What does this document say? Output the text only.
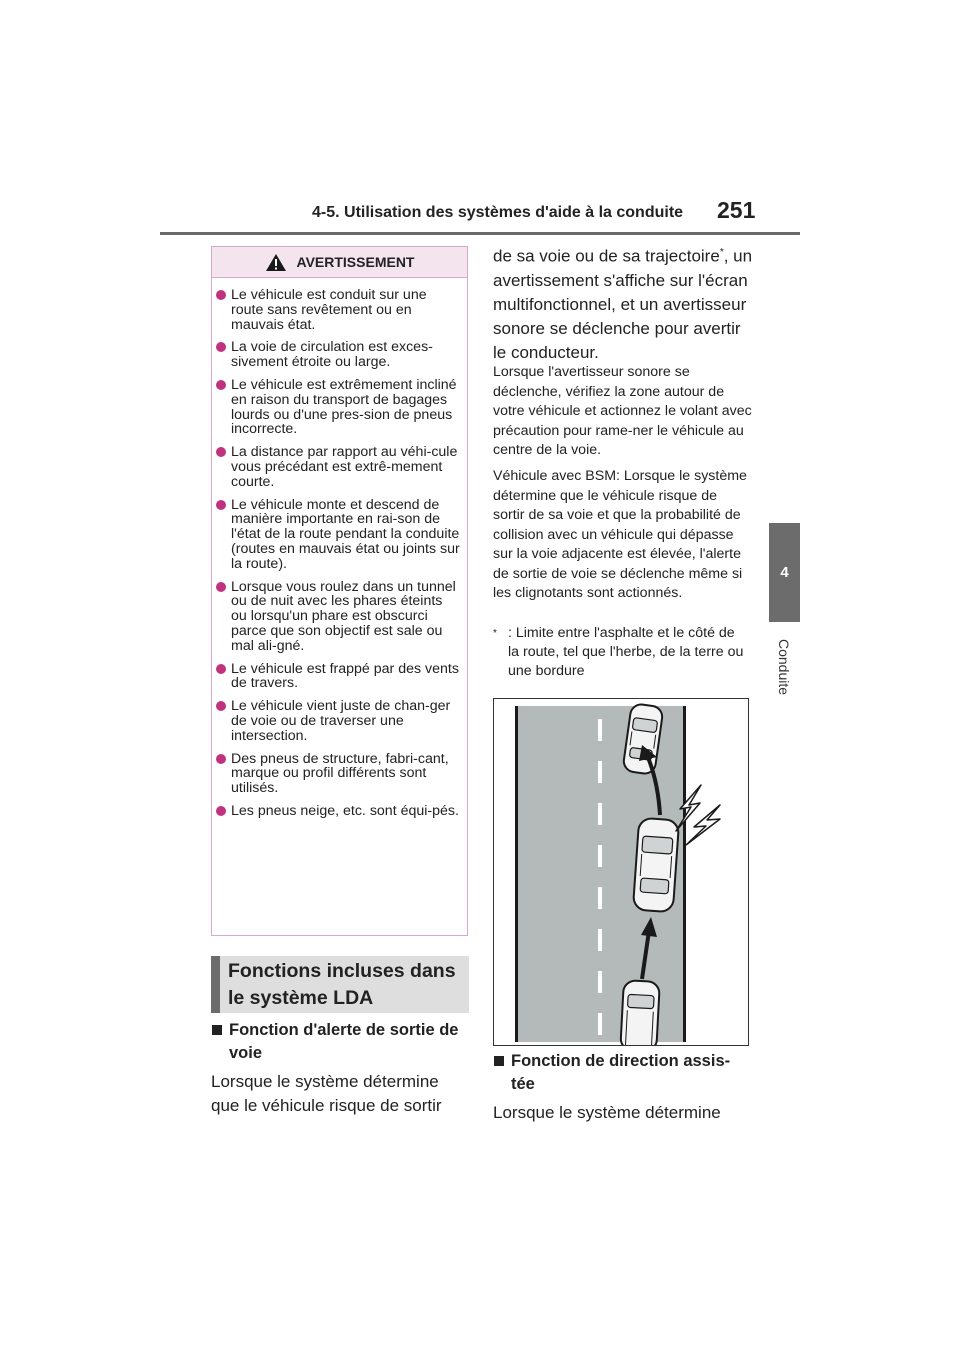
4-5. Utilisation des systèmes d'aide à la conduite 251
4
Conduite
AVERTISSEMENT
Le véhicule est conduit sur une route sans revêtement ou en mauvais état.
La voie de circulation est exces-sivement étroite ou large.
Le véhicule est extrêmement incliné en raison du transport de bagages lourds ou d'une pres-sion de pneus incorrecte.
La distance par rapport au véhi-cule vous précédant est extrê-mement courte.
Le véhicule monte et descend de manière importante en rai-son de l'état de la route pendant la conduite (routes en mauvais état ou joints sur la route).
Lorsque vous roulez dans un tunnel ou de nuit avec les phares éteints ou lorsqu'un phare est obscurci parce que son objectif est sale ou mal ali-gné.
Le véhicule est frappé par des vents de travers.
Le véhicule vient juste de chan-ger de voie ou de traverser une intersection.
Des pneus de structure, fabri-cant, marque ou profil différents sont utilisés.
Les pneus neige, etc. sont équi-pés.
Fonctions incluses dans le système LDA
Fonction d'alerte de sortie de voie
Lorsque le système détermine que le véhicule risque de sortir
de sa voie ou de sa trajectoire*, un avertissement s'affiche sur l'écran multifonctionnel, et un avertisseur sonore se déclenche pour avertir le conducteur.
Lorsque l'avertisseur sonore se déclenche, vérifiez la zone autour de votre véhicule et actionnez le volant avec précaution pour rame-ner le véhicule au centre de la voie.
Véhicule avec BSM: Lorsque le système détermine que le véhicule risque de sortir de sa voie et que la probabilité de collision avec un véhicule qui dépasse sur la voie adjacente est élevée, l'alerte de sortie de voie se déclenche même si les clignotants sont actionnés.
* : Limite entre l'asphalte et le côté de la route, tel que l'herbe, de la terre ou une bordure
Fonction de direction assis-tée
Lorsque le système détermine
